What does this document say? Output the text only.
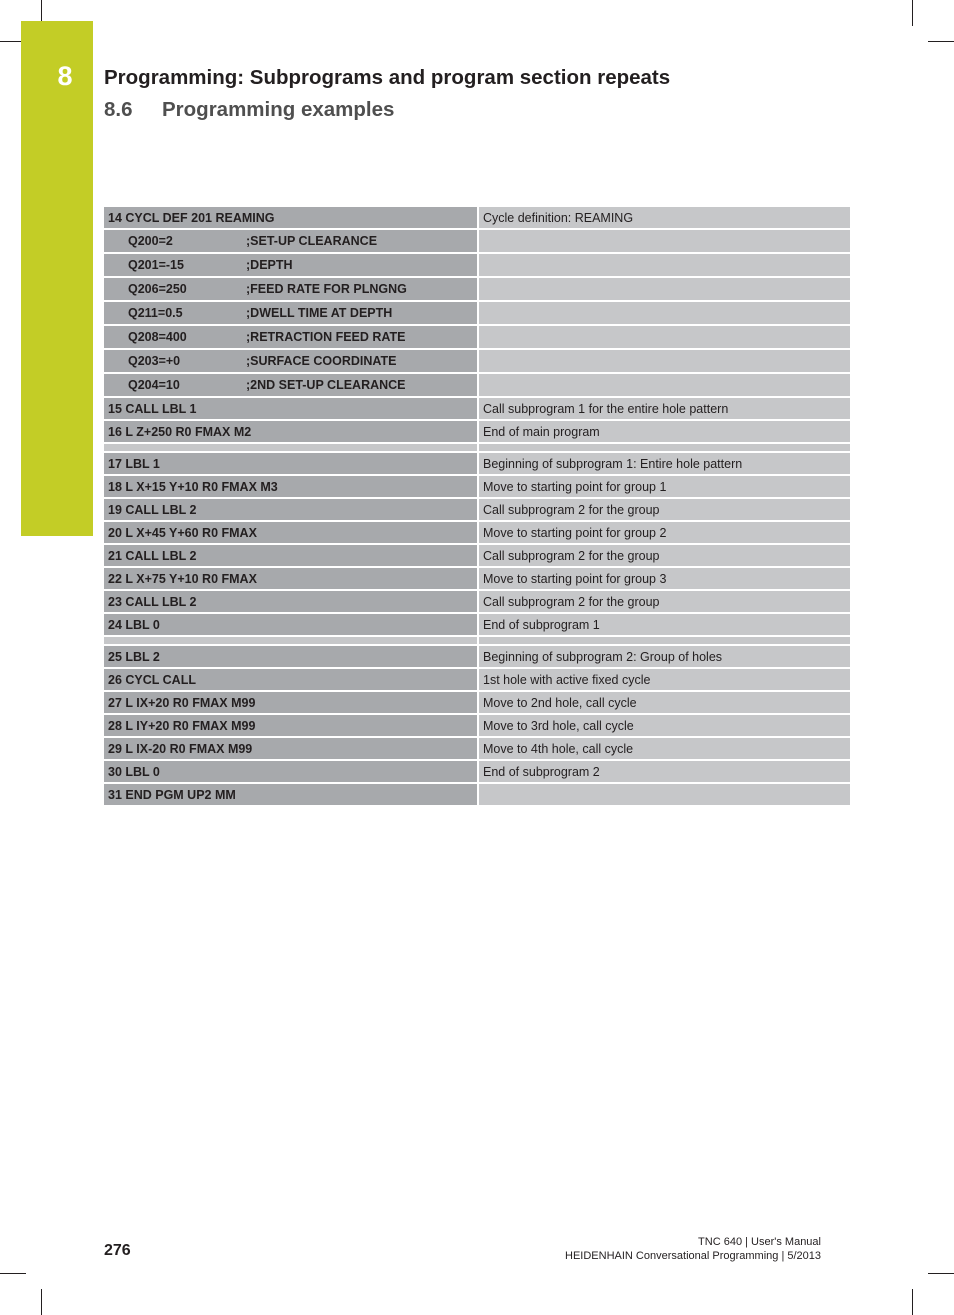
8	Programming: Subprograms and program section repeats
8.6 Programming examples
14 CYCL DEF 201 REAMING	Cycle definition: REAMING
Q200=2 ;SET-UP CLEARANCE	
Q201=-15 ;DEPTH	
Q206=250 ;FEED RATE FOR PLNGNG	
Q211=0.5 ;DWELL TIME AT DEPTH	
Q208=400 ;RETRACTION FEED RATE	
Q203=+0 ;SURFACE COORDINATE	
Q204=10 ;2ND SET-UP CLEARANCE	
15 CALL LBL 1	Call subprogram 1 for the entire hole pattern
16 L Z+250 R0 FMAX M2	End of main program

17 LBL 1	Beginning of subprogram 1: Entire hole pattern
18 L X+15 Y+10 R0 FMAX M3	Move to starting point for group 1
19 CALL LBL 2	Call subprogram 2 for the group
20 L X+45 Y+60 R0 FMAX	Move to starting point for group 2
21 CALL LBL 2	Call subprogram 2 for the group
22 L X+75 Y+10 R0 FMAX	Move to starting point for group 3
23 CALL LBL 2	Call subprogram 2 for the group
24 LBL 0	End of subprogram 1

25 LBL 2	Beginning of subprogram 2: Group of holes
26 CYCL CALL	1st hole with active fixed cycle
27 L IX+20 R0 FMAX M99	Move to 2nd hole, call cycle
28 L IY+20 R0 FMAX M99	Move to 3rd hole, call cycle
29 L IX-20 R0 FMAX M99	Move to 4th hole, call cycle
30 LBL 0	End of subprogram 2
31 END PGM UP2 MM	
276	TNC 640 | User's Manual
HEIDENHAIN Conversational Programming | 5/2013
